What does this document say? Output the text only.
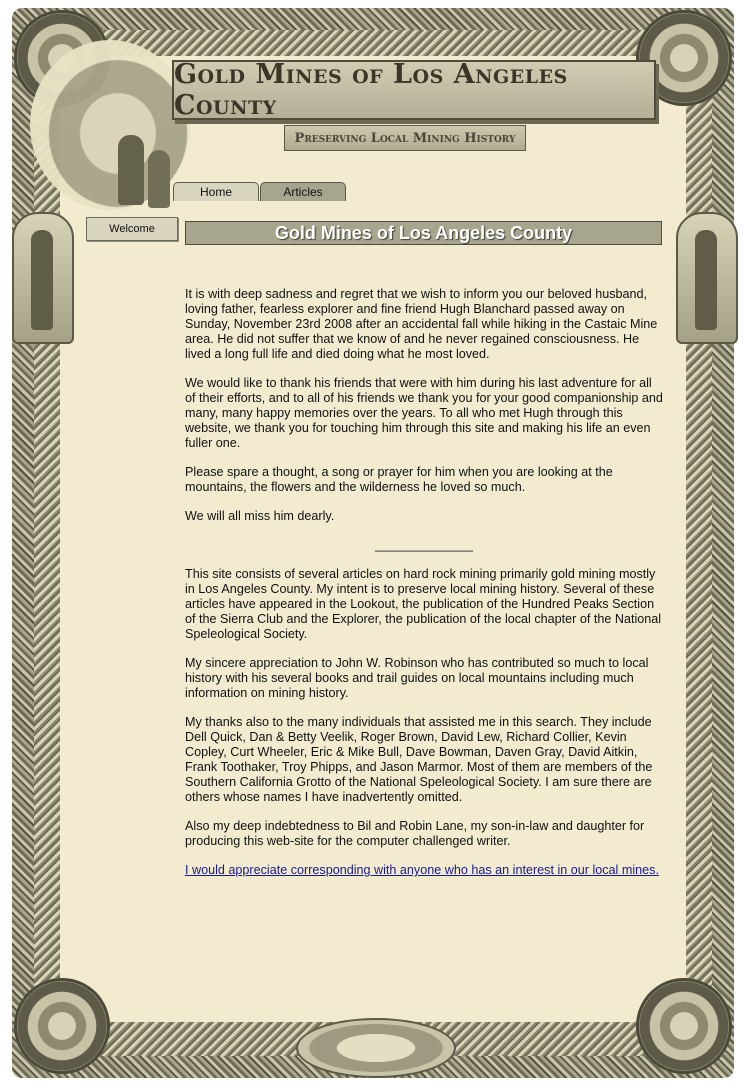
Gold Mines of Los Angeles County
Preserving Local Mining History
Home	Articles
Welcome	Gold Mines of Los Angeles County

It is with deep sadness and regret that we wish to inform you our beloved husband, loving father, fearless explorer and fine friend Hugh Blanchard passed away on Sunday, November 23rd 2008 after an accidental fall while hiking in the Castaic Mine area. He did not suffer that we know of and he never regained consciousness. He lived a long full life and died doing what he most loved.

We would like to thank his friends that were with him during his last adventure for all of their efforts, and to all of his friends we thank you for your good companionship and many, many happy memories over the years. To all who met Hugh through this website, we thank you for touching him through this site and making his life an even fuller one.

Please spare a thought, a song or prayer for him when you are looking at the mountains, the flowers and the wilderness he loved so much.

We will all miss him dearly.

______________

This site consists of several articles on hard rock mining primarily gold mining mostly in Los Angeles County. My intent is to preserve local mining history. Several of these articles have appeared in the Lookout, the publication of the Hundred Peaks Section of the Sierra Club and the Explorer, the publication of the local chapter of the National Speleological Society.

My sincere appreciation to John W. Robinson who has contributed so much to local history with his several books and trail guides on local mountains including much information on mining history.

My thanks also to the many individuals that assisted me in this search. They include Dell Quick, Dan & Betty Veelik, Roger Brown, David Lew, Richard Collier, Kevin Copley, Curt Wheeler, Eric & Mike Bull, Dave Bowman, Daven Gray, David Aitkin, Frank Toothaker, Troy Phipps, and Jason Marmor. Most of them are members of the Southern California Grotto of the National Speleological Society. I am sure there are others whose names I have inadvertently omitted.

Also my deep indebtedness to Bil and Robin Lane, my son-in-law and daughter for producing this web-site for the computer challenged writer.

I would appreciate corresponding with anyone who has an interest in our local mines.
